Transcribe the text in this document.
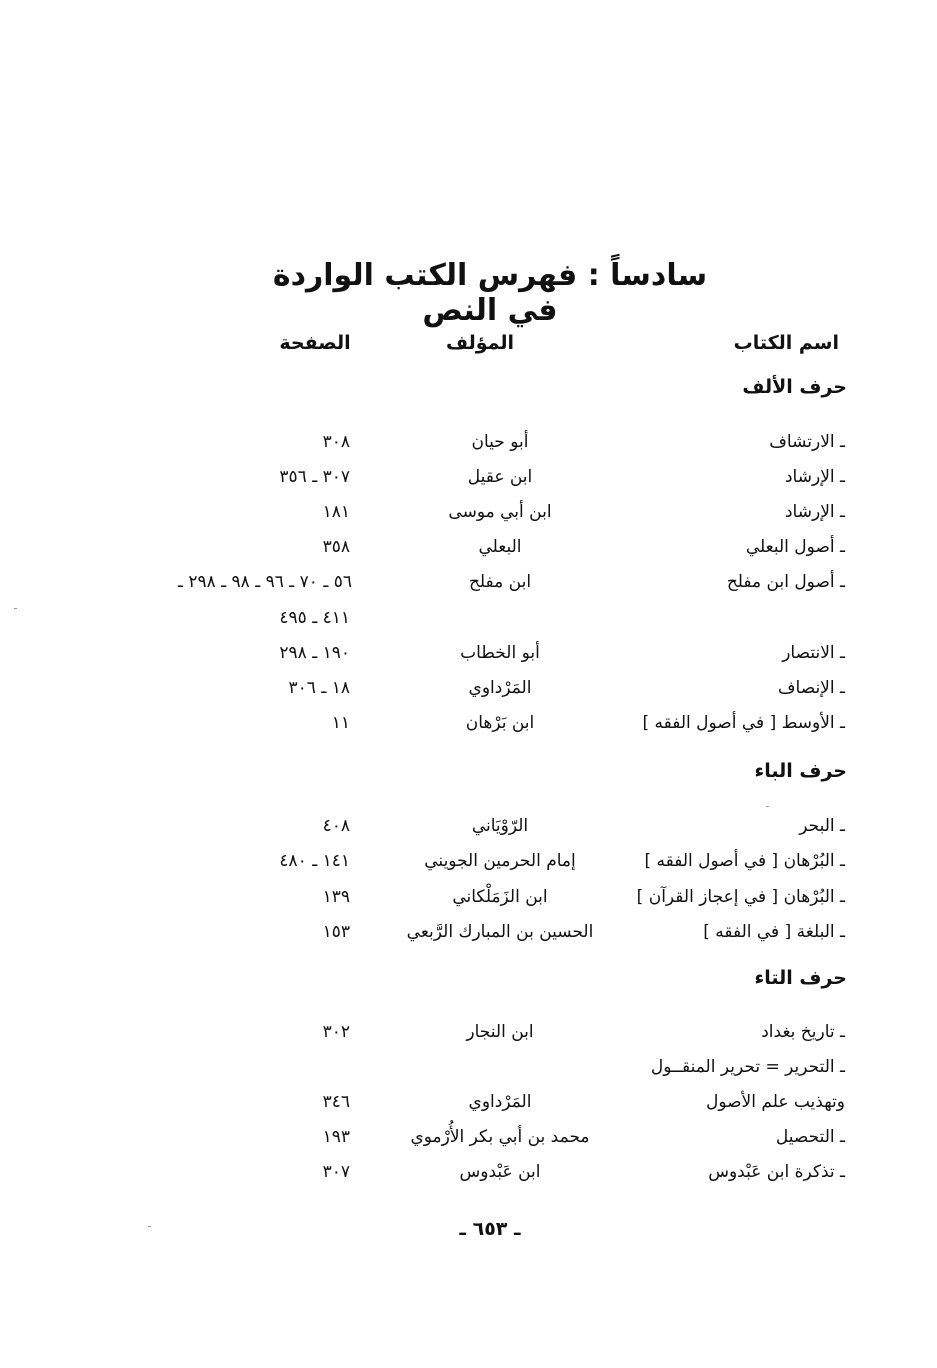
سادساً : فهرس الكتب الواردة في النص
اسم الكتاب
المؤلف
الصفحة
حرف الألف
ـ الارتشاف
أبو حيان
٣٠٨
ـ الإرشاد
ابن عقيل
٣٠٧ ـ ٣٥٦
ـ الإرشاد
ابن أبي موسى
١٨١
ـ أصول البعلي
البعلي
٣٥٨
ـ أصول ابن مفلح
ابن مفلح
٥٦ ـ ٧٠ ـ ٩٦ ـ ٩٨ ـ ٢٩٨ ـ
٤١١ ـ ٤٩٥
ـ الانتصار
أبو الخطاب
١٩٠ ـ ٢٩٨
ـ الإنصاف
المَرْداوي
١٨ ـ ٣٠٦
ـ الأوسط [ في أصول الفقه ]
ابن بَرْهان
١١
حرف الباء
ـ البحر
الرّوْيَاني
٤٠٨
ـ البُرْهان [ في أصول الفقه ]
إمام الحرمين الجويني
١٤١ ـ ٤٨٠
ـ البُرْهان [ في إعجاز القرآن ]
ابن الزَمَلْكاني
١٣٩
ـ البلغة [ في الفقه ]
الحسين بن المبارك الرَّبعي
١٥٣
حرف التاء
ـ تاريخ بغداد
ابن النجار
٣٠٢
ـ التحرير = تحرير المنقــول
وتهذيب علم الأصول
المَرْداوي
٣٤٦
ـ التحصيل
محمد بن أبي بكر الأُرْموي
١٩٣
ـ تذكرة ابن عَبْدوس
ابن عَبْدوس
٣٠٧
ـ ٦٥٣ ـ
